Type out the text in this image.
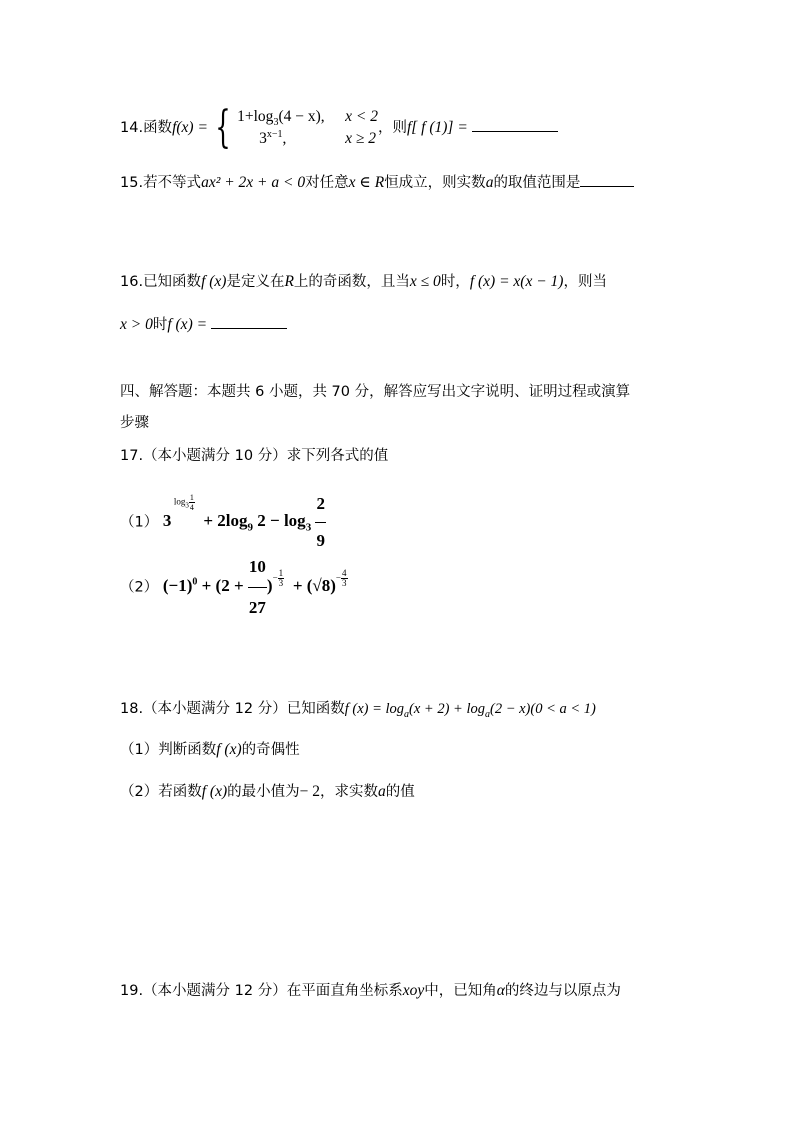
14.函数f(x) = { $1+\log_3(4 - x)$,	x < 2
$3^{x-1}$,	x ≥ 2
，则f[ f (1)] =
15.若不等式ax² + 2x + a < 0对任意x ∈ R恒成立，则实数a的取值范围是
16.已知函数f (x)是定义在R上的奇函数，且当x ≤ 0时，f (x) = x(x − 1)，则当
x > 0时f (x) =
四、解答题：本题共 6 小题，共 70 分，解答应写出文字说明、证明过程或演算
步骤
17.（本小题满分 10 分）求下列各式的值
（1） 3
$\log_3 \frac{1}{4}$
+ $2\log_9$ $2 - \log_3 \frac{2}{9}$
（2） $(-1)^0 + (2 + \frac{10}{27}$ ) − $\frac{1}{3} + (√8) - \frac{4}{3}$
18.（本小题满分 12 分）已知函数f $(x) = \log_a(x + 2) + \log_a(2 - x)(0 < a < 1)$
（1）判断函数f (x)的奇偶性
（2）若函数f (x)的最小值为− 2，求实数a的值
19.（本小题满分 12 分）在平面直角坐标系xoy中，已知角α的终边与以原点为
